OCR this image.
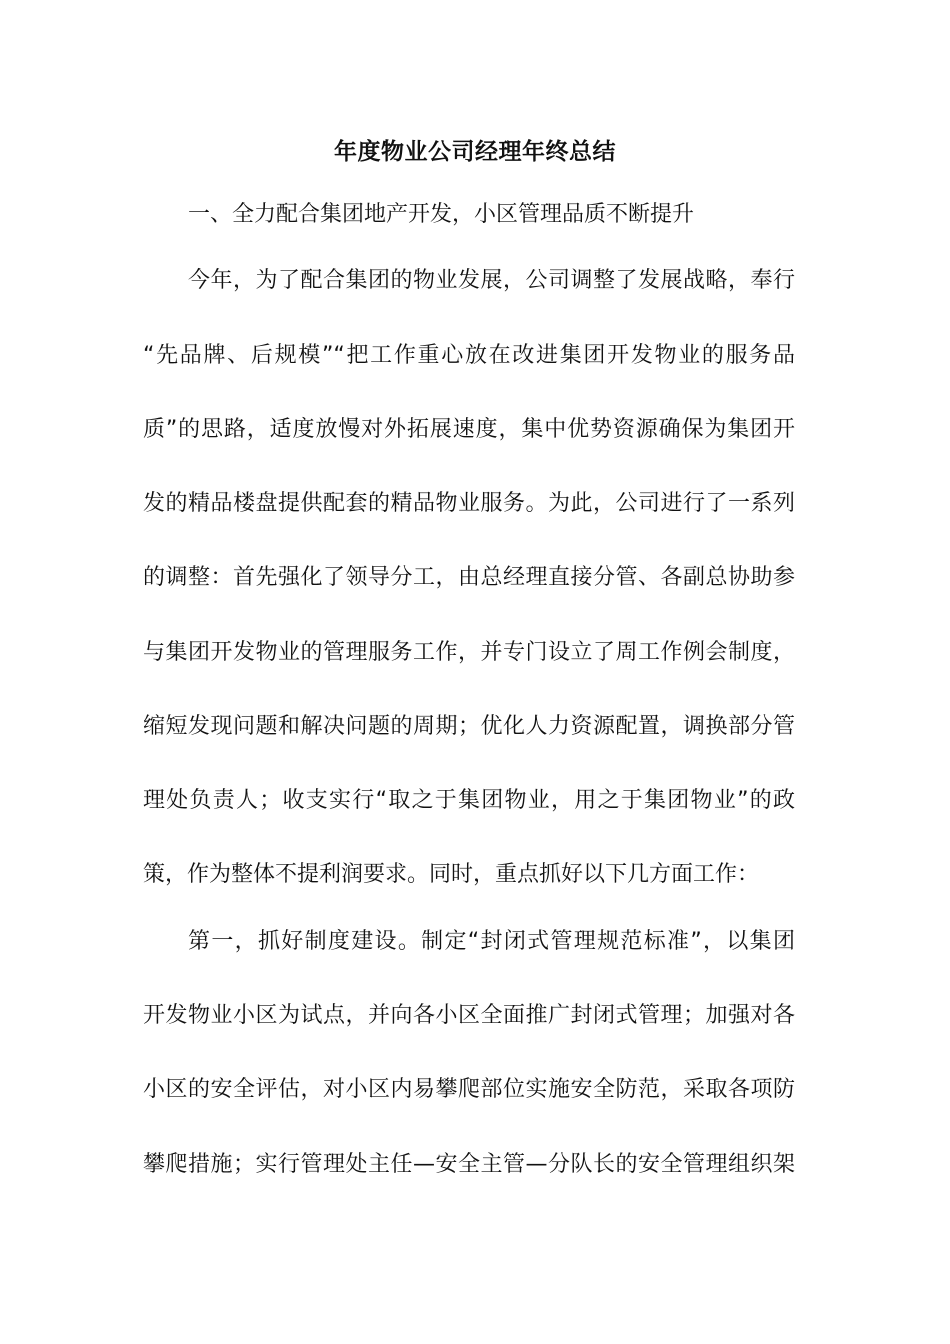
年度物业公司经理年终总结
一、全力配合集团地产开发，小区管理品质不断提升
今年，为了配合集团的物业发展，公司调整了发展战略，奉行
“先品牌、后规模”“把工作重心放在改进集团开发物业的服务品
质”的思路，适度放慢对外拓展速度，集中优势资源确保为集团开
发的精品楼盘提供配套的精品物业服务。为此，公司进行了一系列
的调整：首先强化了领导分工，由总经理直接分管、各副总协助参
与集团开发物业的管理服务工作，并专门设立了周工作例会制度，
缩短发现问题和解决问题的周期；优化人力资源配置，调换部分管
理处负责人；收支实行“取之于集团物业，用之于集团物业”的政
策，作为整体不提利润要求。同时，重点抓好以下几方面工作：
第一，抓好制度建设。制定“封闭式管理规范标准”，以集团
开发物业小区为试点，并向各小区全面推广封闭式管理；加强对各
小区的安全评估，对小区内易攀爬部位实施安全防范，采取各项防
攀爬措施；实行管理处主任—安全主管—分队长的安全管理组织架
